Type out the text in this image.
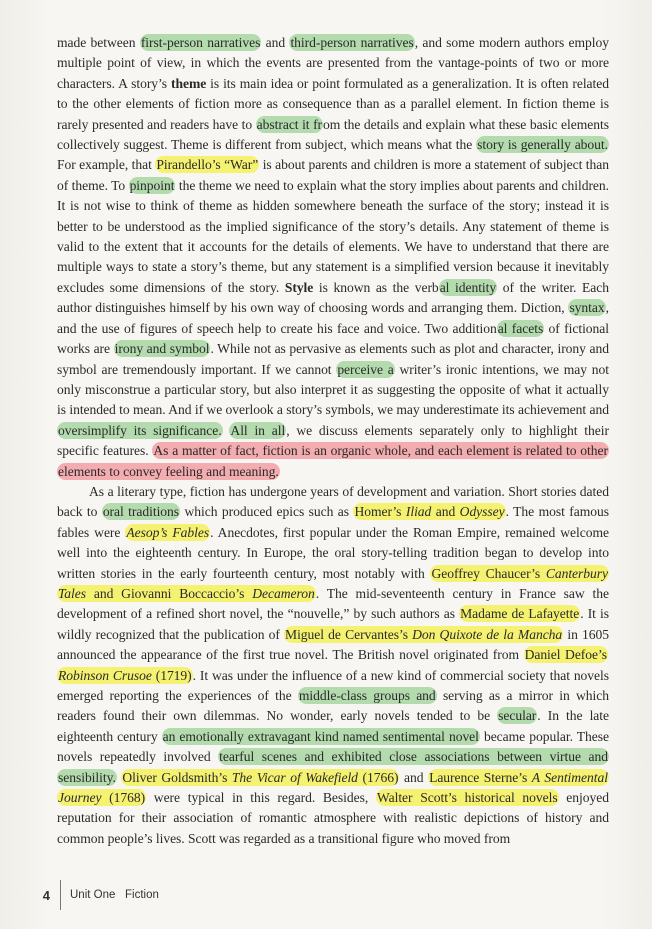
made between first-person narratives and third-person narratives, and some modern authors employ multiple point of view, in which the events are presented from the vantage-points of two or more characters. A story’s theme is its main idea or point formulated as a generalization. It is often related to the other elements of fiction more as consequence than as a parallel element. In fiction theme is rarely presented and readers have to abstract it from the details and explain what these basic elements collectively suggest. Theme is different from subject, which means what the story is generally about. For example, that Pirandello’s “War” is about parents and children is more a statement of subject than of theme. To pinpoint the theme we need to explain what the story implies about parents and children. It is not wise to think of theme as hidden somewhere beneath the surface of the story; instead it is better to be understood as the implied significance of the story’s details. Any statement of theme is valid to the extent that it accounts for the details of elements. We have to understand that there are multiple ways to state a story’s theme, but any statement is a simplified version because it inevitably excludes some dimensions of the story. Style is known as the verbal identity of the writer. Each author distinguishes himself by his own way of choosing words and arranging them. Diction, syntax, and the use of figures of speech help to create his face and voice. Two additional facets of fictional works are irony and symbol. While not as pervasive as elements such as plot and character, irony and symbol are tremendously important. If we cannot perceive a writer’s ironic intentions, we may not only misconstrue a particular story, but also interpret it as suggesting the opposite of what it actually is intended to mean. And if we overlook a story’s symbols, we may underestimate its achievement and oversimplify its significance. All in all, we discuss elements separately only to highlight their specific features. As a matter of fact, fiction is an organic whole, and each element is related to other elements to convey feeling and meaning.

As a literary type, fiction has undergone years of development and variation. Short stories dated back to oral traditions which produced epics such as Homer’s Iliad and Odyssey. The most famous fables were Aesop’s Fables. Anecdotes, first popular under the Roman Empire, remained welcome well into the eighteenth century. In Europe, the oral story-telling tradition began to develop into written stories in the early fourteenth century, most notably with Geoffrey Chaucer’s Canterbury Tales and Giovanni Boccaccio’s Decameron. The mid-seventeenth century in France saw the development of a refined short novel, the “nouvelle,” by such authors as Madame de Lafayette. It is wildly recognized that the publication of Miguel de Cervantes’s Don Quixote de la Mancha in 1605 announced the appearance of the first true novel. The British novel originated from Daniel Defoe’s Robinson Crusoe (1719). It was under the influence of a new kind of commercial society that novels emerged reporting the experiences of the middle-class groups and serving as a mirror in which readers found their own dilemmas. No wonder, early novels tended to be secular. In the late eighteenth century an emotionally extravagant kind named sentimental novel became popular. These novels repeatedly involved tearful scenes and exhibited close associations between virtue and sensibility. Oliver Goldsmith’s The Vicar of Wakefield (1766) and Laurence Sterne’s A Sentimental Journey (1768) were typical in this regard. Besides, Walter Scott’s historical novels enjoyed reputation for their association of romantic atmosphere with realistic depictions of history and common people’s lives. Scott was regarded as a transitional figure who moved from

4 Unit One Fiction
